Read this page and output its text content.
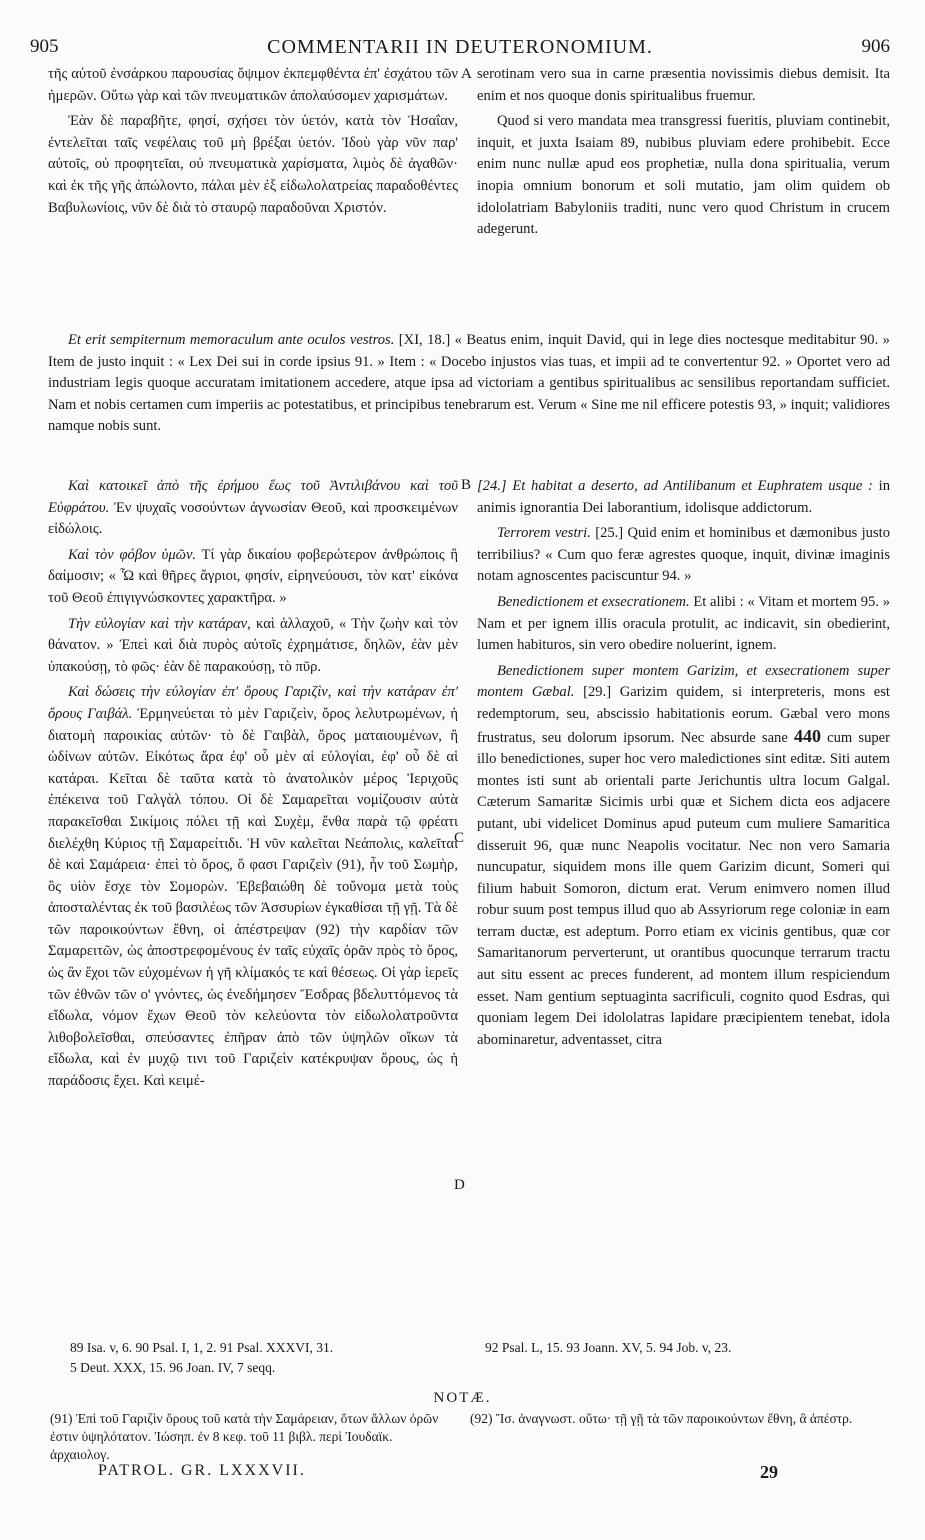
905	COMMENTARII IN DEUTERONOMIUM.	906

τῆς αὐτοῦ ἐνσάρκου παρουσίας ὄψιμον ἐκπεμφθέντα ἐπ' ἐσχάτου τῶν ἡμερῶν. Οὕτω γὰρ καὶ τῶν πνευματικῶν ἀπολαύσομεν χαρισμάτων.

Ἐὰν δὲ παραβῆτε, φησί, σχήσει τὸν ὑετόν, κατὰ τὸν Ἡσαΐαν, ἐντελεῖται ταῖς νεφέλαις τοῦ μὴ βρέξαι ὑετόν. Ἰδοὺ γὰρ νῦν παρ' αὐτοῖς, οὐ προφητεῖαι, οὐ πνευματικὰ χαρίσματα, λιμὸς δὲ ἀγαθῶν· καὶ ἐκ τῆς γῆς ἀπώλοντο, πάλαι μὲν ἐξ εἰδωλολατρείας παραδοθέντες Βαβυλωνίοις, νῦν δὲ διὰ τὸ σταυρῷ παραδοῦναι Χριστόν.

serotinam vero sua in carne præsentia novissimis diebus demisit. Ita enim et nos quoque donis spiritualibus fruemur.

Quod si vero mandata mea transgressi fueritis, pluviam continebit, inquit, et juxta Isaiam 89, nubibus pluviam edere prohibebit. Ecce enim nunc nullæ apud eos prophetiæ, nulla dona spiritualia, verum inopia omnium bonorum et soli mutatio, jam olim quidem ob idololatriam Babyloniis traditi, nunc vero quod Christum in crucem adegerunt.

A

Et erit sempiternum memoraculum ante oculos vestros. [XI, 18.] « Beatus enim, inquit David, qui in lege dies noctesque meditabitur 90. » Item de justo inquit : « Lex Dei sui in corde ipsius 91. » Item : « Docebo injustos vias tuas, et impii ad te convertentur 92. » Oportet vero ad industriam legis quoque accuratam imitationem accedere, atque ipsa ad victoriam a gentibus spiritualibus ac sensilibus reportandam sufficiet. Nam et nobis certamen cum imperiis ac potestatibus, et principibus tenebrarum est. Verum « Sine me nil efficere potestis 93, » inquit; validiores namque nobis sunt.

B

Καὶ κατοικεῖ ἀπὸ τῆς ἐρήμου ἕως τοῦ Ἀντιλιβάνου καὶ τοῦ Εὐφράτου. Ἐν ψυχαῖς νοσούντων ἀγνωσίαν Θεοῦ, καὶ προσκειμένων εἰδώλοις.

Καὶ τὸν φόβον ὑμῶν. Τί γὰρ δικαίου φοβερώτερον ἀνθρώποις ἢ δαίμοσιν; « Ὦ καὶ θῆρες ἄγριοι, φησίν, εἰρηνεύουσι, τὸν κατ' εἰκόνα τοῦ Θεοῦ ἐπιγιγνώσκοντες χαρακτῆρα. »

Τὴν εὐλογίαν καὶ τὴν κατάραν, καὶ ἀλλαχοῦ, « Τὴν ζωὴν καὶ τὸν θάνατον. » Ἐπεὶ καὶ διὰ πυρὸς αὐτοῖς ἐχρημάτισε, δηλῶν, ἐὰν μὲν ὑπακούσῃ, τὸ φῶς· ἐὰν δὲ παρακούσῃ, τὸ πῦρ.

Καὶ δώσεις τὴν εὐλογίαν ἐπ' ὄρους Γαριζὶν, καὶ τὴν κατάραν ἐπ' ὄρους Γαιβάλ. Ἑρμηνεύεται τὸ μὲν Γαριζεὶν, ὄρος λελυτρωμένων, ἡ διατομὴ παροικίας αὐτῶν· τὸ δὲ Γαιβὰλ, ὄρος ματαιουμένων, ἢ ὠδίνων αὐτῶν. Εἰκότως ἄρα ἐφ' οὗ μὲν αἱ εὐλογίαι, ἐφ' οὗ δὲ αἱ κατάραι. Κεῖται δὲ ταῦτα κατὰ τὸ ἀνατολικὸν μέρος Ἱεριχοῦς ἐπέκεινα τοῦ Γαλγὰλ τόπου. Οἱ δὲ Σαμαρεῖται νομίζουσιν αὐτὰ παρακεῖσθαι Σικίμοις πόλει τῇ καὶ Συχὲμ, ἔνθα παρὰ τῷ φρέατι διελέχθη Κύριος τῇ Σαμαρείτιδι. Ἡ νῦν καλεῖται Νεάπολις, καλεῖται δὲ καὶ Σαμάρεια· ἐπεὶ τὸ ὄρος, ὅ φασι Γαριζεὶν (91), ἦν τοῦ Σωμὴρ, ὃς υἱὸν ἔσχε τὸν Σομορὼν. Ἐβεβαιώθη δὲ τοὔνομα μετὰ τοὺς ἀποσταλέντας ἐκ τοῦ βασιλέως τῶν Ἀσσυρίων ἐγκαθίσαι τῇ γῇ. Τὰ δὲ τῶν παροικούντων ἔθνη, οἱ ἀπέστρεψαν (92) τὴν καρδίαν τῶν Σαμαρειτῶν, ὡς ἀποστρεφομένους ἐν ταῖς εὐχαῖς ὁρᾶν πρὸς τὸ ὄρος, ὡς ἂν ἔχοι τῶν εὐχομένων ἡ γῆ κλίμακός τε καὶ θέσεως. Οἱ γὰρ ἱερεῖς τῶν ἐθνῶν τῶν ο' γνόντες, ὡς ἐνεδήμησεν Ἔσδρας βδελυττόμενος τὰ εἴδωλα, νόμον ἔχων Θεοῦ τὸν κελεύοντα τὸν εἰδωλολατροῦντα λιθοβολεῖσθαι, σπεύσαντες ἐπῆραν ἀπὸ τῶν ὑψηλῶν οἴκων τὰ εἴδωλα, καὶ ἐν μυχῷ τινι τοῦ Γαριζεὶν κατέκρυψαν ὄρους, ὡς ἡ παράδοσις ἔχει. Καὶ κειμέ-

[24.] Et habitat a deserto, ad Antilibanum et Euphratem usque : in animis ignorantia Dei laborantium, idolisque addictorum.

Terrorem vestri. [25.] Quid enim et hominibus et dæmonibus justo terribilius? « Cum quo feræ agrestes quoque, inquit, divinæ imaginis notam agnoscentes paciscuntur 94. »

Benedictionem et exsecrationem. Et alibi : « Vitam et mortem 95. » Nam et per ignem illis oracula protulit, ac indicavit, sin obedierint, lumen habituros, sin vero obedire noluerint, ignem.

Benedictionem super montem Garizim, et exsecrationem super montem Gæbal. [29.] Garizim quidem, si interpreteris, mons est redemptorum, seu, abscissio habitationis eorum. Gæbal vero mons frustratus, seu dolorum ipsorum. Nec absurde sane 440 cum super illo benedictiones, super hoc vero maledictiones sint editæ. Siti autem montes isti sunt ab orientali parte Jerichuntis ultra locum Galgal. Cæterum Samaritæ Sicimis urbi quæ et Sichem dicta eos adjacere putant, ubi videlicet Dominus apud puteum cum muliere Samaritica disseruit 96, quæ nunc Neapolis vocitatur. Nec non vero Samaria nuncupatur, siquidem mons ille quem Garizim dicunt, Someri qui filium habuit Somoron, dictum erat. Verum enimvero nomen illud robur suum post tempus illud quo ab Assyriorum rege coloniæ in eam terram ductæ, est adeptum. Porro etiam ex vicinis gentibus, quæ cor Samaritanorum perverterunt, ut orantibus quocunque terrarum tractu aut situ essent ac preces funderent, ad montem illum respiciendum esset. Nam gentium septuaginta sacrificuli, cognito quod Esdras, qui quoniam legem Dei idololatras lapidare præcipientem tenebat, idola abominaretur, adventasset, citra

C
D
89 Isa. v, 6. 90 Psal. I, 1, 2. 91 Psal. XXXVI, 31.
5 Deut. XXX, 15. 96 Joan. IV, 7 seqq.
92 Psal. L, 15. 93 Joann. XV, 5. 94 Job. v, 23.
NOTÆ.
(91) Ἐπὶ τοῦ Γαριζὶν ὄρους τοῦ κατὰ τὴν Σαμάρειαν, ὅτων ἄλλων ὀρῶν ἐστιν ὑψηλότατον. Ἰώσηπ. ἐν 8 κεφ. τοῦ 11 βιβλ. περὶ Ἰουδαϊκ. ἀρχαιολογ.
(92) Ἴσ. ἀναγνωστ. οὕτω· τῇ γῇ τὰ τῶν παροικούντων ἔθνη, ἃ ἀπέστρ.
PATROL. GR. LXXXVII.	29
